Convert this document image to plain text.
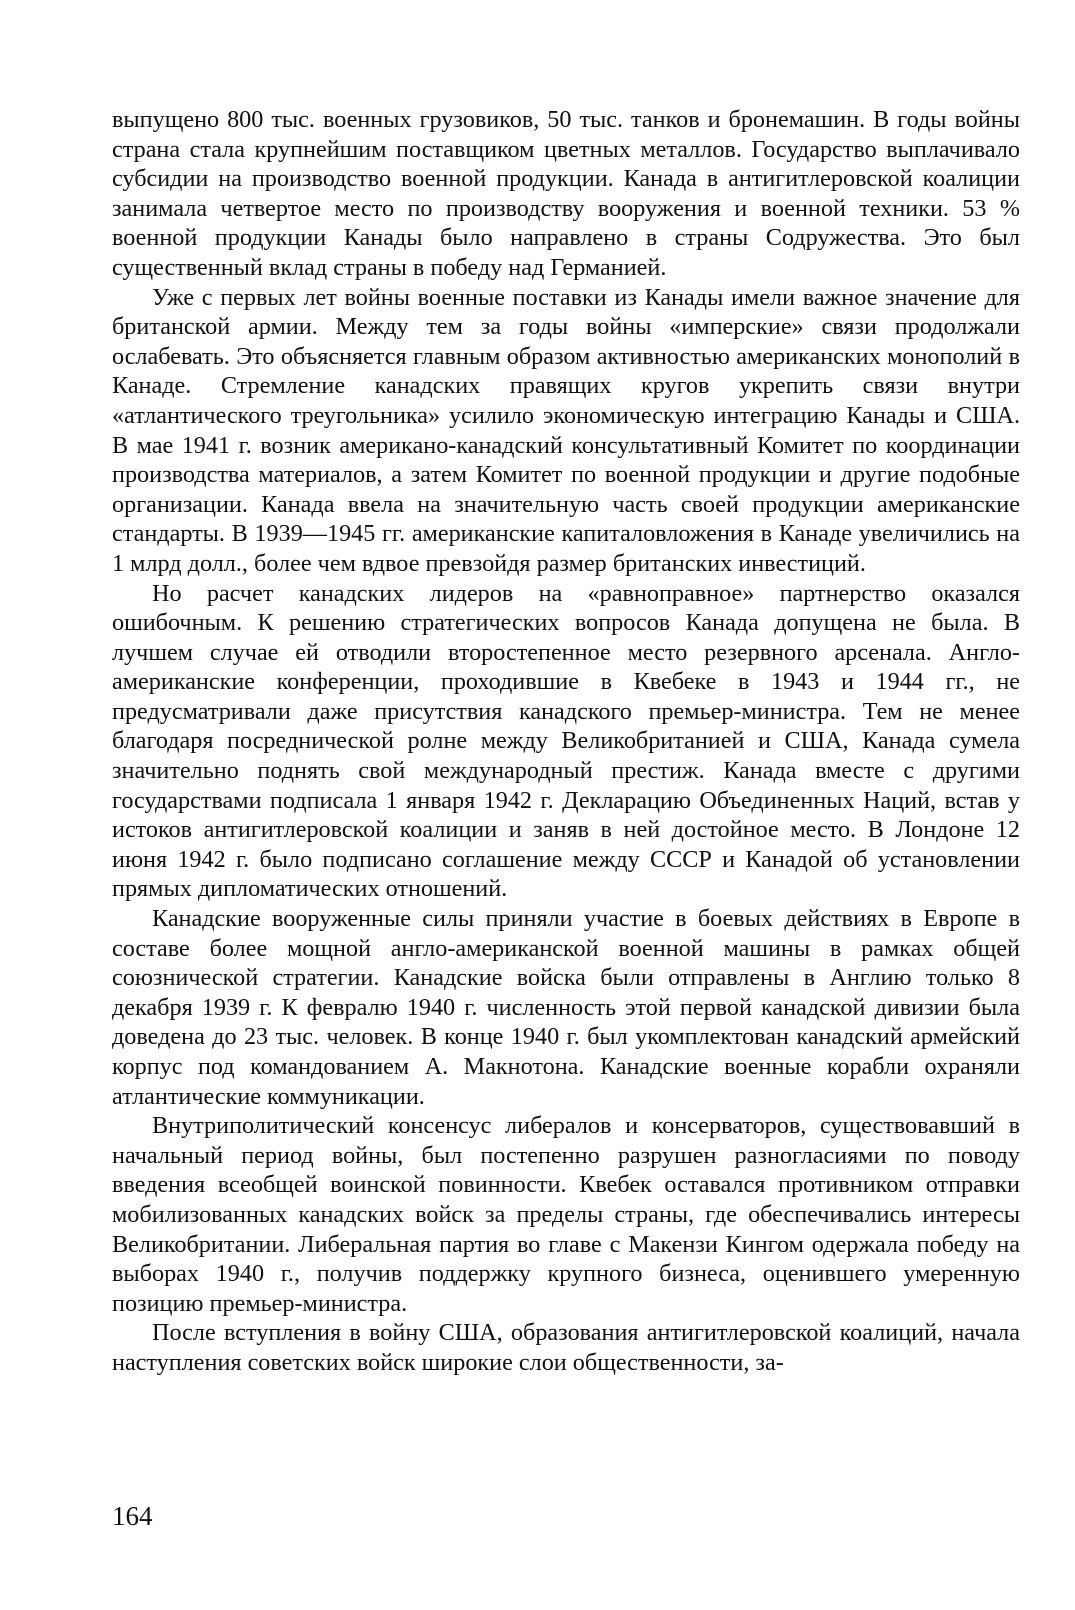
выпущено 800 тыс. военных грузовиков, 50 тыс. танков и бронемашин. В годы войны страна стала крупнейшим поставщиком цветных металлов. Государство выплачивало субсидии на производство военной продукции. Канада в антигитлеровской коалиции занимала четвертое место по производству вооружения и военной техники. 53 % военной продукции Канады было направлено в страны Содружества. Это был существенный вклад страны в победу над Германией.

Уже с первых лет войны военные поставки из Канады имели важное значение для британской армии. Между тем за годы войны «имперские» связи продолжали ослабевать. Это объясняется главным образом активностью американских монополий в Канаде. Стремление канадских правящих кругов укрепить связи внутри «атлантического треугольника» усилило экономическую интеграцию Канады и США. В мае 1941 г. возник американо-канадский консультативный Комитет по координации производства материалов, а затем Комитет по военной продукции и другие подобные организации. Канада ввела на значительную часть своей продукции американские стандарты. В 1939—1945 гг. американские капиталовложения в Канаде увеличились на 1 млрд долл., более чем вдвое превзойдя размер британских инвестиций.

Но расчет канадских лидеров на «равноправное» партнерство оказался ошибочным. К решению стратегических вопросов Канада допущена не была. В лучшем случае ей отводили второстепенное место резервного арсенала. Англо-американские конференции, проходившие в Квебеке в 1943 и 1944 гг., не предусматривали даже присутствия канадского премьер-министра. Тем не менее благодаря посреднической ролне между Великобританией и США, Канада сумела значительно поднять свой международный престиж. Канада вместе с другими государствами подписала 1 января 1942 г. Декларацию Объединенных Наций, встав у истоков антигитлеровской коалиции и заняв в ней достойное место. В Лондоне 12 июня 1942 г. было подписано соглашение между СССР и Канадой об установлении прямых дипломатических отношений.

Канадские вооруженные силы приняли участие в боевых действиях в Европе в составе более мощной англо-американской военной машины в рамках общей союзнической стратегии. Канадские войска были отправлены в Англию только 8 декабря 1939 г. К февралю 1940 г. численность этой первой канадской дивизии была доведена до 23 тыс. человек. В конце 1940 г. был укомплектован канадский армейский корпус под командованием А. Макнотона. Канадские военные корабли охраняли атлантические коммуникации.

Внутриполитический консенсус либералов и консерваторов, существовавший в начальный период войны, был постепенно разрушен разногласиями по поводу введения всеобщей воинской повинности. Квебек оставался противником отправки мобилизованных канадских войск за пределы страны, где обеспечивались интересы Великобритании. Либеральная партия во главе с Макензи Кингом одержала победу на выборах 1940 г., получив поддержку крупного бизнеса, оценившего умеренную позицию премьер-министра.

После вступления в войну США, образования антигитлеровской коалиций, начала наступления советских войск широкие слои общественности, за-

164
